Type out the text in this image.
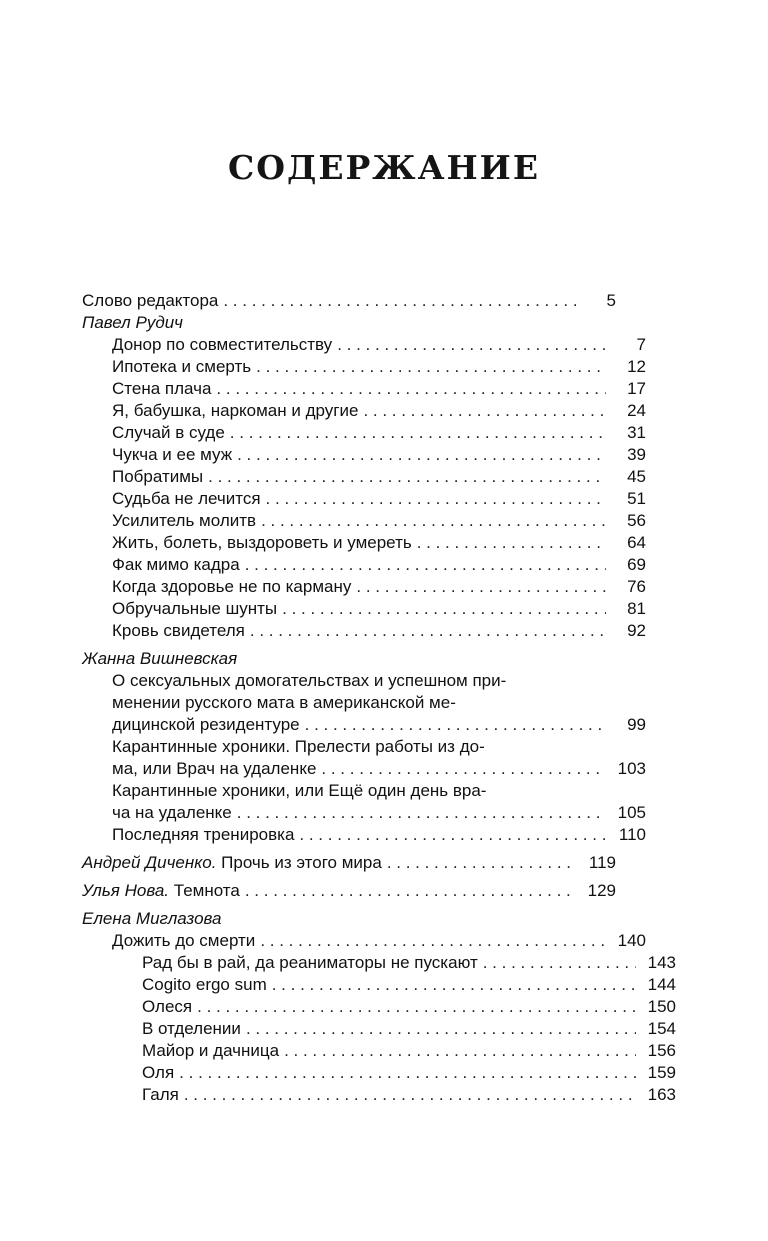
СОДЕРЖАНИЕ
Слово редактора . . .	5
Павел Рудич
Донор по совместительству . . .	7
Ипотека и смерть . . .	12
Стена плача . . .	17
Я, бабушка, наркоман и другие . . .	24
Случай в суде . . .	31
Чукча и ее муж . . .	39
Побратимы . . .	45
Судьба не лечится . . .	51
Усилитель молитв . . .	56
Жить, болеть, выздороветь и умереть . . .	64
Фак мимо кадра . . .	69
Когда здоровье не по карману . . .	76
Обручальные шунты . . .	81
Кровь свидетеля . . .	92
Жанна Вишневская
О сексуальных домогательствах и успешном при-
менении русского мата в американской ме-
дицинской резидентуре . . .	99
Карантинные хроники. Прелести работы из до-
ма, или Врач на удаленке . . .	103
Карантинные хроники, или Ещё один день вра-
ча на удаленке . . .	105
Последняя тренировка . . .	110
Андрей Диченко. Прочь из этого мира . . .	119
Улья Нова. Темнота . . .	129
Елена Миглазова
Дожить до смерти . . .	140
Рад бы в рай, да реаниматоры не пускают . . .	143
Cogito ergo sum . . .	144
Олеся . . .	150
В отделении . . .	154
Майор и дачница . . .	156
Оля . . .	159
Галя . . .	163
